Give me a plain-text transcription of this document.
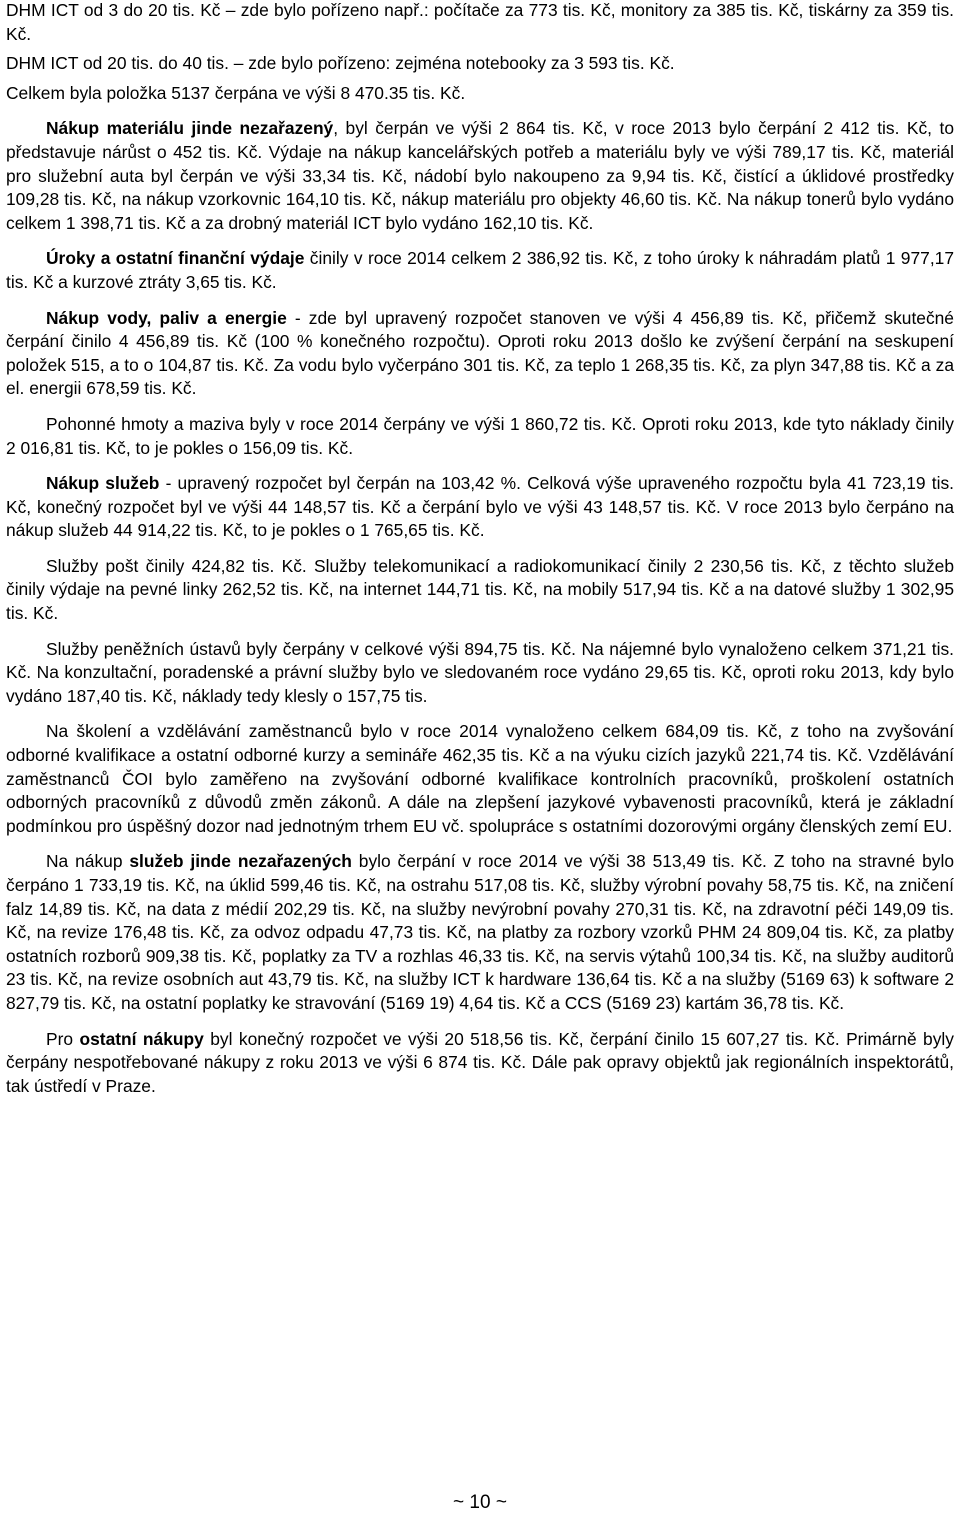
DHM ICT od 3 do 20 tis. Kč – zde bylo pořízeno např.: počítače za 773 tis. Kč, monitory za 385 tis. Kč, tiskárny za 359 tis. Kč.

DHM ICT od 20 tis. do 40 tis. – zde bylo pořízeno: zejména notebooky za 3 593 tis. Kč.

Celkem byla položka 5137 čerpána ve výši 8 470.35 tis. Kč.

Nákup materiálu jinde nezařazený, byl čerpán ve výši 2 864 tis. Kč, v roce 2013 bylo čerpání 2 412 tis. Kč, to představuje nárůst o 452 tis. Kč. Výdaje na nákup kancelářských potřeb a materiálu byly ve výši 789,17 tis. Kč, materiál pro služební auta byl čerpán ve výši 33,34 tis. Kč, nádobí bylo nakoupeno za 9,94 tis. Kč, čistící a úklidové prostředky 109,28 tis. Kč, na nákup vzorkovnic 164,10 tis. Kč, nákup materiálu pro objekty 46,60 tis. Kč. Na nákup tonerů bylo vydáno celkem 1 398,71 tis. Kč a za drobný materiál ICT bylo vydáno 162,10 tis. Kč.

Úroky a ostatní finanční výdaje činily v roce 2014 celkem 2 386,92 tis. Kč, z toho úroky k náhradám platů 1 977,17 tis. Kč a kurzové ztráty 3,65 tis. Kč.

Nákup vody, paliv a energie - zde byl upravený rozpočet stanoven ve výši 4 456,89 tis. Kč, přičemž skutečné čerpání činilo 4 456,89 tis. Kč (100 % konečného rozpočtu). Oproti roku 2013 došlo ke zvýšení čerpání na seskupení položek 515, a to o 104,87 tis. Kč. Za vodu bylo vyčerpáno 301 tis. Kč, za teplo 1 268,35 tis. Kč, za plyn 347,88 tis. Kč a za el. energii 678,59 tis. Kč.

Pohonné hmoty a maziva byly v roce 2014 čerpány ve výši 1 860,72 tis. Kč. Oproti roku 2013, kde tyto náklady činily 2 016,81 tis. Kč, to je pokles o 156,09 tis. Kč.

Nákup služeb - upravený rozpočet byl čerpán na 103,42 %. Celková výše upraveného rozpočtu byla 41 723,19 tis. Kč, konečný rozpočet byl ve výši 44 148,57 tis. Kč a čerpání bylo ve výši 43 148,57 tis. Kč. V roce 2013 bylo čerpáno na nákup služeb 44 914,22 tis. Kč, to je pokles o 1 765,65 tis. Kč.

Služby pošt činily 424,82 tis. Kč. Služby telekomunikací a radiokomunikací činily 2 230,56 tis. Kč, z těchto služeb činily výdaje na pevné linky 262,52 tis. Kč, na internet 144,71 tis. Kč, na mobily 517,94 tis. Kč a na datové služby 1 302,95 tis. Kč.

Služby peněžních ústavů byly čerpány v celkové výši 894,75 tis. Kč. Na nájemné bylo vynaloženo celkem 371,21 tis. Kč. Na konzultační, poradenské a právní služby bylo ve sledovaném roce vydáno 29,65 tis. Kč, oproti roku 2013, kdy bylo vydáno 187,40 tis. Kč, náklady tedy klesly o 157,75 tis.

Na školení a vzdělávání zaměstnanců bylo v roce 2014 vynaloženo celkem 684,09 tis. Kč, z toho na zvyšování odborné kvalifikace a ostatní odborné kurzy a semináře 462,35 tis. Kč a na výuku cizích jazyků 221,74 tis. Kč. Vzdělávání zaměstnanců ČOI bylo zaměřeno na zvyšování odborné kvalifikace kontrolních pracovníků, proškolení ostatních odborných pracovníků z důvodů změn zákonů. A dále na zlepšení jazykové vybavenosti pracovníků, která je základní podmínkou pro úspěšný dozor nad jednotným trhem EU vč. spolupráce s ostatními dozorovými orgány členských zemí EU.

Na nákup služeb jinde nezařazených bylo čerpání v roce 2014 ve výši 38 513,49 tis. Kč. Z toho na stravné bylo čerpáno 1 733,19 tis. Kč, na úklid 599,46 tis. Kč, na ostrahu 517,08 tis. Kč, služby výrobní povahy 58,75 tis. Kč, na zničení falz 14,89 tis. Kč, na data z médií 202,29 tis. Kč, na služby nevýrobní povahy 270,31 tis. Kč, na zdravotní péči 149,09 tis. Kč, na revize 176,48 tis. Kč, za odvoz odpadu 47,73 tis. Kč, na platby za rozbory vzorků PHM 24 809,04 tis. Kč, za platby ostatních rozborů 909,38 tis. Kč, poplatky za TV a rozhlas 46,33 tis. Kč, na servis výtahů 100,34 tis. Kč, na služby auditorů 23 tis. Kč, na revize osobních aut 43,79 tis. Kč, na služby ICT k hardware 136,64 tis. Kč a na služby (5169 63) k software 2 827,79 tis. Kč, na ostatní poplatky ke stravování (5169 19) 4,64 tis. Kč a CCS (5169 23) kartám 36,78 tis. Kč.

Pro ostatní nákupy byl konečný rozpočet ve výši 20 518,56 tis. Kč, čerpání činilo 15 607,27 tis. Kč. Primárně byly čerpány nespotřebované nákupy z roku 2013 ve výši 6 874 tis. Kč. Dále pak opravy objektů jak regionálních inspektorátů, tak ústředí v Praze.

~ 10 ~
